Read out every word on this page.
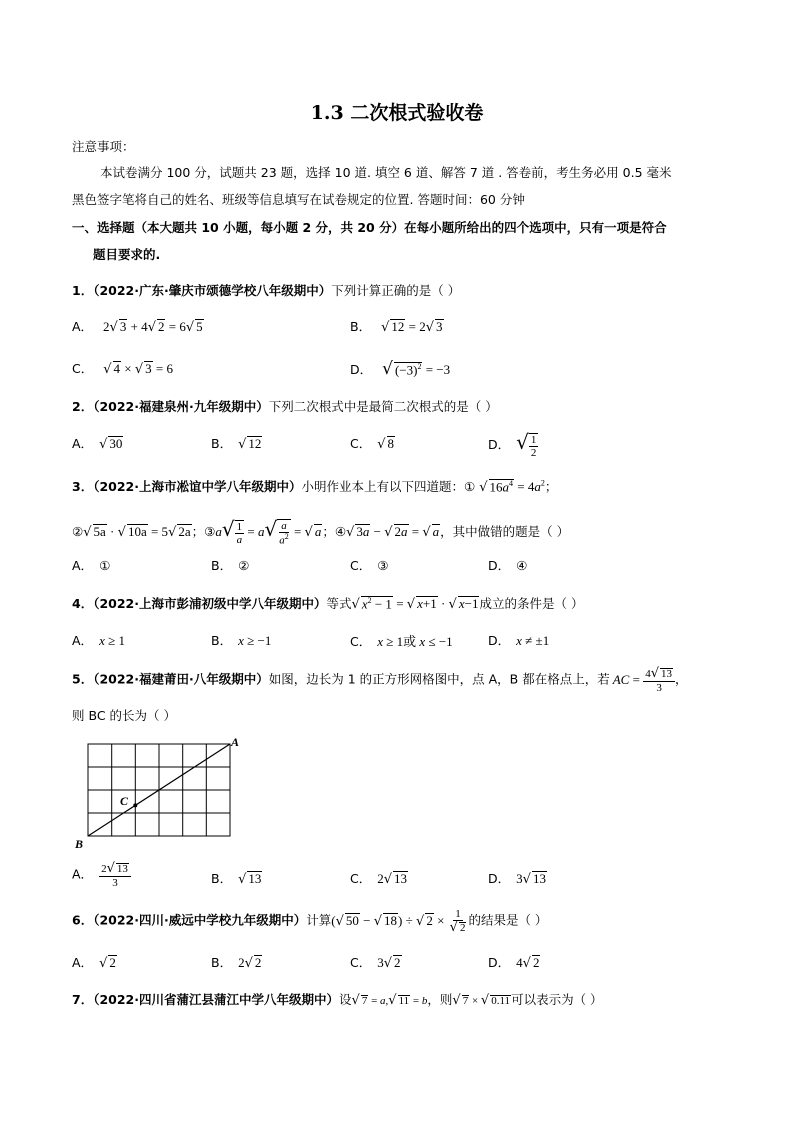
1.3 二次根式验收卷
注意事项：
本试卷满分 100 分，试题共 23 题，选择 10 道. 填空 6 道、解答 7 道 . 答卷前，考生务必用 0.5 毫米
黑色签字笔将自己的姓名、班级等信息填写在试卷规定的位置. 答题时间：60 分钟
一、选择题（本大题共 10 小题，每小题 2 分，共 20 分）在每小题所给出的四个选项中，只有一项是符合
题目要求的.
1．（2022·广东·肇庆市颂德学校八年级期中）下列计算正确的是（ ）
A． 2√ 3 + 4√ 2 = 6√ 5	B． √ 12 = 2√ 3
C． √ 4 × √ 3 = 6	D． √ $(-3)^2 = -3$
2．（2022·福建泉州·九年级期中）下列二次根式中是最简二次根式的是（ ）
A． √ 30	B． √ 12	C． √ 8	D． √ $\frac{1}{2}$
3．（2022·上海市凇谊中学八年级期中）小明作业本上有以下四道题：① √ $16a^4 = 4a^2$；
②√ 5a · √ 10a = 5√ 2a；③a√ $\frac{1}{a} = a√ \frac{a}{a^2}$ = √ a；④√ 3a − √ 2a = √ a，其中做错的题是（ ）
A． ①	B． ②	C． ③	D． ④
4．（2022·上海市彭浦初级中学八年级期中）等式√ $x^2 - 1$ = √ x+1 · √ x−1成立的条件是（ ）
A． x ≥ 1	B． x ≥ −1	C． x ≥ 1或 x ≤ −1	D． x ≠ ±1
5．（2022·福建莆田·八年级期中）如图，边长为 1 的正方形网格图中，点 A，B 都在格点上，若 AC = $\frac{4√ 13}{3}$ ，
则 BC 的长为（ ）
A
B
C
A． $\frac{2√ 13}{3}$	B． √ 13	C． 2√ 13	D． 3√ 13
6．（2022·四川·威远中学校九年级期中）计算(√ 50 − √ 18) ÷ √ $2 \times \frac{1}{√ 2}$ 的结果是（ ）
A． √ 2	B． 2√ 2	C． 3√ 2	D． 4√ 2
7．（2022·四川省蒲江县蒲江中学八年级期中）设√ 7 = a,√ 11 = b，则√ 7 × √ 0.11可以表示为（ ）
